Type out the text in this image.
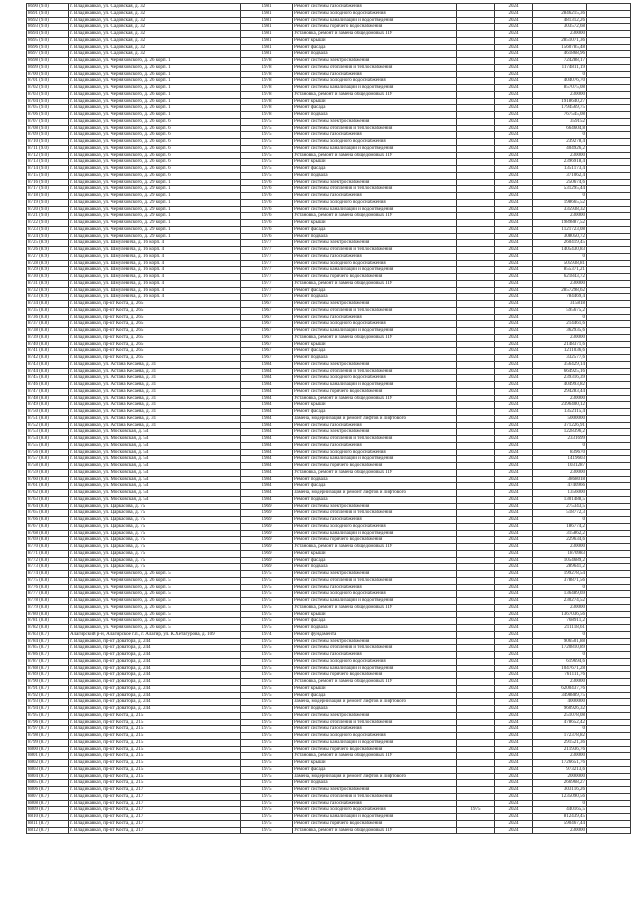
8690 (9.0)	г. Владикавказ, ул. Садовская, д. 32	1981	Ремонт системы газоснабжения		2024		
8691 (9.0)	г. Владикавказ, ул. Садовская, д. 32	1981	Ремонт системы холодного водоснабжения		2024	2846215,36	
8692 (9.0)	г. Владикавказ, ул. Садовская, д. 32	1981	Ремонт системы канализации и водоотведения		2024	481312,26	
8693 (9.0)	г. Владикавказ, ул. Садовская, д. 32	1981	Ремонт системы горячего водоснабжения		2024	303572,68	
8694 (9.0)	г. Владикавказ, ул. Садовская, д. 32	1981	Установка, ремонт и замена общедомовых ПУ		2024	230000	
8695 (9.0)	г. Владикавказ, ул. Садовская, д. 32	1981	Ремонт крыши		2024	2851071,36	
8696 (9.0)	г. Владикавказ, ул. Садовская, д. 32	1981	Ремонт фасада		2024	1560785,48	
8697 (9.0)	г. Владикавказ, ул. Садовская, д. 32	1981	Ремонт подвала		2024	461868,96	
8698 (9.0)	г. Владикавказ, ул. Черняховского, д. 26 корп. 1	1978	Ремонт системы электроснабжения		2024	724288,17	
8699 (9.0)	г. Владикавказ, ул. Черняховского, д. 26 корп. 1	1978	Ремонт системы отопления и теплоснабжения		2024	1174811,19	
8700 (9.0)	г. Владикавказ, ул. Черняховского, д. 26 корп. 1	1978	Ремонт системы газоснабжения		2024	0	
8701 (9.0)	г. Владикавказ, ул. Черняховского, д. 26 корп. 1	1978	Ремонт системы холодного водоснабжения		2024	404076,70	
8702 (9.0)	г. Владикавказ, ул. Черняховского, д. 26 корп. 1	1978	Ремонт системы канализации и водоотведения		2024	857075,08	
8703 (9.0)	г. Владикавказ, ул. Черняховского, д. 26 корп. 1	1978	Установка, ремонт и замена общедомовых ПУ		2024	230000	
8704 (9.0)	г. Владикавказ, ул. Черняховского, д. 26 корп. 1	1978	Ремонт крыши		2024	1918640,27	
8705 (9.0)	г. Владикавказ, ул. Черняховского, д. 26 корп. 1	1978	Ремонт фасада		2024	1794569,75	
8706 (9.0)	г. Владикавказ, ул. Черняховского, д. 26 корп. 1	1978	Ремонт подвала		2024	767545,08	
8707 (9.0)	г. Владикавказ, ул. Черняховского, д. 26 корп. 6	1975	Ремонт системы электроснабжения		2024	359152	
8708 (9.0)	г. Владикавказ, ул. Черняховского, д. 26 корп. 6	1975	Ремонт системы отопления и теплоснабжения		2024	664604,8	
8709 (9.0)	г. Владикавказ, ул. Черняховского, д. 26 корп. 6	1975	Ремонт системы газоснабжения		2024	0	
8710 (9.0)	г. Владикавказ, ул. Черняховского, д. 26 корп. 6	1975	Ремонт системы холодного водоснабжения		2024	239278,4	
8711 (9.0)	г. Владикавказ, ул. Черняховского, д. 26 корп. 6	1975	Ремонт системы канализации и водоотведения		2024	404926,2	
8712 (9.0)	г. Владикавказ, ул. Черняховского, д. 26 корп. 6	1975	Установка, ремонт и замена общедомовых ПУ		2024	230000	
8713 (9.0)	г. Владикавказ, ул. Черняховского, д. 26 корп. 6	1975	Ремонт крыши		2024	2396918,4	
8714 (9.0)	г. Владикавказ, ул. Черняховского, д. 26 корп. 6	1975	Ремонт фасада		2024	1351173,4	
8715 (9.0)	г. Владикавказ, ул. Черняховского, д. 26 корп. 6	1975	Ремонт подвала		2024	371062,4	
8716 (9.0)	г. Владикавказ, ул. Черняховского, д. 29 корп. 1	1976	Ремонт системы электроснабжения		2024	250674,6	
8717 (9.0)	г. Владикавказ, ул. Черняховского, д. 29 корп. 1	1976	Ремонт системы отопления и теплоснабжения		2024	531295,44	
8718 (9.0)	г. Владикавказ, ул. Черняховского, д. 29 корп. 1	1976	Ремонт системы газоснабжения		2024	0	
8719 (9.0)	г. Владикавказ, ул. Черняховского, д. 29 корп. 1	1976	Ремонт системы холодного водоснабжения		2024	198665,52	
8720 (9.0)	г. Владикавказ, ул. Черняховского, д. 29 корп. 1	1976	Ремонт системы канализации и водоотведения		2024	335938,32	
8721 (9.0)	г. Владикавказ, ул. Черняховского, д. 29 корп. 1	1976	Установка, ремонт и замена общедомовых ПУ		2024	230000	
8722 (9.0)	г. Владикавказ, ул. Черняховского, д. 29 корп. 1	1976	Ремонт крыши		2024	1989887,52	
8723 (9.0)	г. Владикавказ, ул. Черняховского, д. 29 корп. 1	1976	Ремонт фасада		2024	1121723,08	
8724 (9.0)	г. Владикавказ, ул. Черняховского, д. 29 корп. 1	1976	Ремонт подвала		2024	308050,72	
8725 (8.9)	г. Владикавказ, ул. Шмулевича, д. 16 корп. 4	1977	Ремонт системы электроснабжения		2024	260419,45	
8726 (8.9)	г. Владикавказ, ул. Шмулевича, д. 16 корп. 4	1977	Ремонт системы отопления и теплоснабжения		2024	1405430,83	
8727 (8.9)	г. Владикавказ, ул. Шмулевича, д. 16 корп. 4	1977	Ремонт системы газоснабжения		2024	0	
8728 (8.9)	г. Владикавказ, ул. Шмулевича, д. 16 корп. 4	1977	Ремонт системы холодного водоснабжения		2024	505938,81	
8729 (8.9)	г. Владикавказ, ул. Шмулевича, д. 16 корп. 4	1977	Ремонт системы канализации и водоотведения		2024	855371,21	
8730 (8.9)	г. Владикавказ, ул. Шмулевича, д. 16 корп. 4	1977	Ремонт системы горячего водоснабжения		2024	621843,72	
8731 (8.9)	г. Владикавказ, ул. Шмулевича, д. 16 корп. 4	1977	Установка, ремонт и замена общедомовых ПУ		2024	230000	
8732 (8.9)	г. Владикавказ, ул. Шмулевича, д. 16 корп. 4	1977	Ремонт фасада		2024	2857298,62	
8733 (8.9)	г. Владикавказ, ул. Шмулевича, д. 16 корп. 4	1977	Ремонт подвала		2024	784469,4	
8734 (8.8)	г. Владикавказ, пр-кт Коста, д. 265	1967	Ремонт системы электроснабжения		2024	315818	
8735 (8.8)	г. Владикавказ, пр-кт Коста, д. 265	1967	Ремонт системы отопления и теплоснабжения		2024	595675,2	
8736 (8.8)	г. Владикавказ, пр-кт Коста, д. 265	1967	Ремонт системы газоснабжения		2024	0	
8737 (8.8)	г. Владикавказ, пр-кт Коста, д. 265	1967	Ремонт системы холодного водоснабжения		2024	214461,6	
8738 (8.8)	г. Владикавказ, пр-кт Коста, д. 265	1967	Ремонт системы канализации и водоотведения		2024	362935,6	
8739 (8.8)	г. Владикавказ, пр-кт Коста, д. 265	1967	Установка, ремонт и замена общедомовых ПУ		2024	230000	
8740 (8.8)	г. Владикавказ, пр-кт Коста, д. 265	1967	Ремонт крыши		2024	2148371,6	
8741 (8.8)	г. Владикавказ, пр-кт Коста, д. 265	1967	Ремонт фасада		2024	1211036,6	
8742 (8.8)	г. Владикавказ, пр-кт Коста, д. 265	1967	Ремонт подвала		2024	332577,6	
8743 (8.8)	г. Владикавказ, ул. Астана Кесаева, д. 31	1984	Ремонт системы электроснабжения		2024	356429,14	
8744 (8.8)	г. Владикавказ, ул. Астана Кесаева, д. 31	1984	Ремонт системы отопления и теплоснабжения		2024	664925,16	
8745 (8.8)	г. Владикавказ, ул. Астана Кесаева, д. 31	1984	Ремонт системы холодного водоснабжения		2024	239316,39	
8746 (8.8)	г. Владикавказ, ул. Астана Кесаева, д. 31	1984	Ремонт системы канализации и водоотведения		2024	404993,82	
8747 (8.8)	г. Владикавказ, ул. Астана Кесаева, д. 31	1984	Ремонт системы горячего водоснабжения		2024	294283,44	
8748 (8.8)	г. Владикавказ, ул. Астана Кесаева, д. 31	1984	Установка, ремонт и замена общедомовых ПУ		2024	230000	
8749 (8.8)	г. Владикавказ, ул. Астана Кесаева, д. 31	1984	Ремонт крыши		2024	2396400,12	
8750 (8.8)	г. Владикавказ, ул. Астана Кесаева, д. 31	1984	Ремонт фасада		2024	1352115,4	
8751 (8.8)	г. Владикавказ, ул. Астана Кесаева, д. 31	1984	Замена, модернизация и ремонт лифтов и лифтового		2024	5000000	
8752 (8.8)	г. Владикавказ, ул. Астана Кесаева, д. 31	1984	Ремонт системы газоснабжения		2024	371226,91	
8753 (8.8)	г. Владикавказ, ул. Московская, д. 54	1984	Ремонт системы электроснабжения		2024	1228396,2	
8754 (8.8)	г. Владикавказ, ул. Московская, д. 54	1984	Ремонт системы отопления и теплоснабжения		2024	2331699	
8755 (8.8)	г. Владикавказ, ул. Московская, д. 54	1984	Ремонт системы газоснабжения		2024	0	
8756 (8.8)	г. Владикавказ, ул. Московская, д. 54	1984	Ремонт системы холодного водоснабжения		2024	839670	
8757 (8.8)	г. Владикавказ, ул. Московская, д. 54	1984	Ремонт системы канализации и водоотведения		2024	1419603	
8758 (8.8)	г. Владикавказ, ул. Московская, д. 54	1984	Ремонт системы горячего водоснабжения		2024	1031287	
8759 (8.8)	г. Владикавказ, ул. Московская, д. 54	1984	Установка, ремонт и замена общедомовых ПУ		2024	230000	
8760 (8.8)	г. Владикавказ, ул. Московская, д. 54	1984	Ремонт подвала		2024	3868018	
8761 (8.8)	г. Владикавказ, ул. Московская, д. 54	1984	Ремонт фасада		2024	4740966	
8762 (8.8)	г. Владикавказ, ул. Московская, д. 54	1984	Замена, модернизация и ремонт лифтов и лифтового		2024	1356000	
8763 (8.8)	г. Владикавказ, ул. Московская, д. 54	1984	Ремонт подвала		2024	1301488,5	
8764 (8.8)	г. Владикавказ, ул. Царкасова, д. 75	1969	Ремонт системы электроснабжения		2024	275343,5	
8765 (8.8)	г. Владикавказ, ул. Царкасова, д. 75	1969	Ремонт системы отопления и теплоснабжения		2024	518772,3	
8766 (8.8)	г. Владикавказ, ул. Царкасова, д. 75	1969	Ремонт системы газоснабжения		2024	0	
8767 (8.8)	г. Владикавказ, ул. Царкасова, д. 75	1969	Ремонт системы холодного водоснабжения		2024	186774,2	
8768 (8.8)	г. Владикавказ, ул. Царкасова, д. 75	1969	Ремонт системы канализации и водоотведения		2024	315862,2	
8769 (8.8)	г. Владикавказ, ул. Царкасова, д. 75	1969	Ремонт системы горячего водоснабжения		2024	229634,6	
8770 (8.8)	г. Владикавказ, ул. Царкасова, д. 75	1969	Установка, ремонт и замена общедомовых ПУ		2024	230000	
8771 (8.8)	г. Владикавказ, ул. Царкасова, д. 75	1969	Ремонт крыши		2024	1870983	
8772 (8.8)	г. Владикавказ, ул. Царкасова, д. 75	1969	Ремонт фасада		2024	1054689,2	
8773 (8.8)	г. Владикавказ, ул. Царкасова, д. 75	1969	Ремонт подвала		2024	289641,2	
8774 (8.8)	г. Владикавказ, ул. Черняховского, д. 26 корп. 5	1975	Ремонт системы электроснабжения		2024	199278,54	
8775 (8.8)	г. Владикавказ, ул. Черняховского, д. 26 корп. 5	1975	Ремонт системы отопления и теплоснабжения		2024	378871,56	
8776 (8.8)	г. Владикавказ, ул. Черняховского, д. 26 корп. 5	1975	Ремонт системы газоснабжения		2024	0	
8777 (8.8)	г. Владикавказ, ул. Черняховского, д. 26 корп. 5	1975	Ремонт системы холодного водоснабжения		2024	136489,69	
8778 (8.8)	г. Владикавказ, ул. Черняховского, д. 26 корп. 5	1975	Ремонт системы канализации и водоотведения		2024	230274,52	
8779 (8.8)	г. Владикавказ, ул. Черняховского, д. 26 корп. 5	1975	Установка, ремонт и замена общедомовых ПУ		2024	230000	
8780 (8.8)	г. Владикавказ, ул. Черняховского, д. 26 корп. 5	1975	Ремонт крыши		2024	1367036,56	
8781 (8.8)	г. Владикавказ, ул. Черняховского, д. 26 корп. 5	1975	Ремонт фасада		2024	768911,2	
8782 (8.8)	г. Владикавказ, ул. Черняховского, д. 26 корп. 5	1975	Ремонт подвала		2024	211118,61	
8783 (8.7)	Алагирский р-н, Алагирское г.п., г. Алагир, ул. К.Хетагурова, д. 109	1974	Ремонт фундамента		2024	0	
8784 (8.7)	г. Владикавказ, пр-кт Доватора, д. 244	1975	Ремонт системы электроснабжения		2024	906501,88	
8785 (8.7)	г. Владикавказ, пр-кт Доватора, д. 244	1975	Ремонт системы отопления и теплоснабжения		2024	1720810,89	
8786 (8.7)	г. Владикавказ, пр-кт Доватора, д. 244	1975	Ремонт системы газоснабжения		2024	0	
8787 (8.7)	г. Владикавказ, пр-кт Доватора, д. 244	1975	Ремонт системы холодного водоснабжения		2024	619694,6	
8788 (8.7)	г. Владикавказ, пр-кт Доватора, д. 244	1975	Ремонт системы канализации и водоотведения		2024	1047671,28	
8789 (8.7)	г. Владикавказ, пр-кт Доватора, д. 244	1975	Ремонт системы горячего водоснабжения		2024	761111,76	
8790 (8.7)	г. Владикавказ, пр-кт Доватора, д. 244	1975	Установка, ремонт и замена общедомовых ПУ		2024	230000	
8791 (8.7)	г. Владикавказ, пр-кт Доватора, д. 244	1975	Ремонт крыши		2024	6200437,76	
8792 (8.7)	г. Владикавказ, пр-кт Доватора, д. 244	1975	Ремонт фасада		2024	3498889,75	
8793 (8.7)	г. Владикавказ, пр-кт Доватора, д. 244	1975	Замена, модернизация и ремонт лифтов и лифтового		2024	4000000	
8794 (8.7)	г. Владикавказ, пр-кт Доватора, д. 244	1975	Ремонт подвала		2024	960926,32	
8795 (8.7)	г. Владикавказ, пр-кт Коста, д. 215	1975	Ремонт системы электроснабжения		2024	251078,08	
8796 (8.7)	г. Владикавказ, пр-кт Коста, д. 215	1975	Ремонт системы отопления и теплоснабжения		2024	478652,42	
8797 (8.7)	г. Владикавказ, пр-кт Коста, д. 215	1975	Ремонт системы газоснабжения		2024	0	
8798 (8.7)	г. Владикавказ, пр-кт Коста, д. 215	1975	Ремонт системы холодного водоснабжения		2024	172378,82	
8799 (8.7)	г. Владикавказ, пр-кт Коста, д. 215	1975	Ремонт системы канализации и водоотведения		2024	291521,36	
8800 (8.7)	г. Владикавказ, пр-кт Коста, д. 215	1975	Ремонт системы горячего водоснабжения		2024	211936,76	
8801 (8.7)	г. Владикавказ, пр-кт Коста, д. 215	1975	Установка, ремонт и замена общедомовых ПУ		2024	230000	
8802 (8.7)	г. Владикавказ, пр-кт Коста, д. 215	1975	Ремонт крыши		2024	1726651,76	
8803 (8.7)	г. Владикавказ, пр-кт Коста, д. 215	1975	Ремонт фасада		2024	973213,6	
8804 (8.7)	г. Владикавказ, пр-кт Коста, д. 215	1975	Замена, модернизация и ремонт лифтов и лифтового		2024	2000000	
8805 (8.7)	г. Владикавказ, пр-кт Коста, д. 215	1975	Ремонт подвала		2024	266968,27	
8806 (8.7)	г. Владикавказ, пр-кт Коста, д. 217	1975	Ремонт системы электроснабжения		2024	303116,26	
8807 (8.7)	г. Владикавказ, пр-кт Коста, д. 217	1975	Ремонт системы отопления и теплоснабжения		2024	1235090,56	
8808 (8.7)	г. Владикавказ, пр-кт Коста, д. 217	1975	Ремонт системы газоснабжения		2024	0	
8809 (8.7)	г. Владикавказ, пр-кт Коста, д. 217	1975	Ремонт системы холодного водоснабжения	1975	2024	440165,5	
8810 (8.7)	г. Владикавказ, пр-кт Коста, д. 217	1975	Ремонт системы канализации и водоотведения		2024	812439,45	
8811 (8.7)	г. Владикавказ, пр-кт Коста, д. 217	1975	Ремонт системы горячего водоснабжения		2024	590467,44	
8812 (8.7)	г. Владикавказ, пр-кт Коста, д. 217	1975	Установка, ремонт и замена общедомовых ПУ		2024	230000	
